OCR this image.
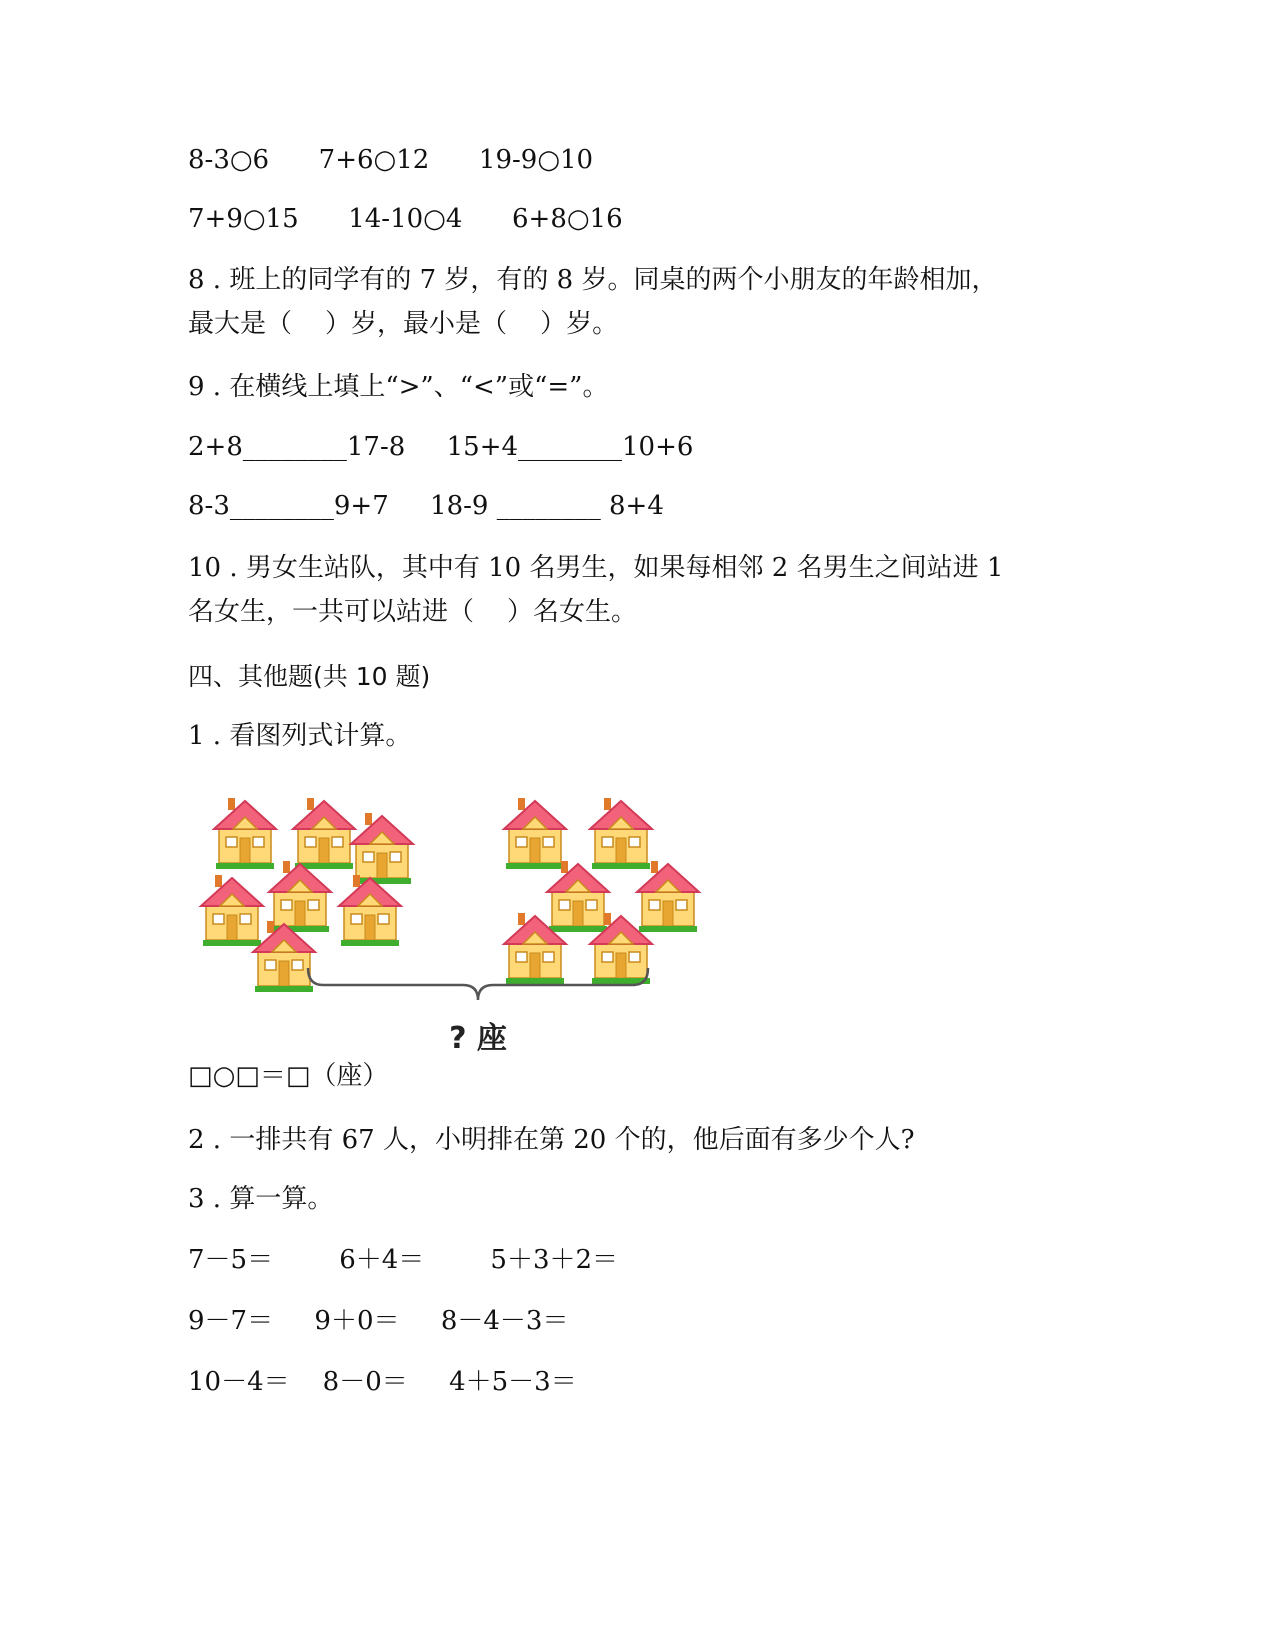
8-3○6      7+6○12      19-9○10
7+9○15      14-10○4      6+8○16
8 . 班上的同学有的 7 岁，有的 8 岁。同桌的两个小朋友的年龄相加，
最大是（    ）岁，最小是（    ）岁。
9 . 在横线上填上“>”、“<”或“=”。
2+8________17-8     15+4________10+6
8-3________9+7     18-9 ________ 8+4
10 . 男女生站队，其中有 10 名男生，如果每相邻 2 名男生之间站进 1
名女生，一共可以站进（    ）名女生。
四、其他题(共 10 题)
1 . 看图列式计算。
? 座
□○□＝□（座）
2 . 一排共有 67 人，小明排在第 20 个的，他后面有多少个人?
3 . 算一算。
7－5＝        6＋4＝        5＋3＋2＝
9－7＝     9＋0＝     8－4－3＝
10－4＝    8－0＝     4＋5－3＝
